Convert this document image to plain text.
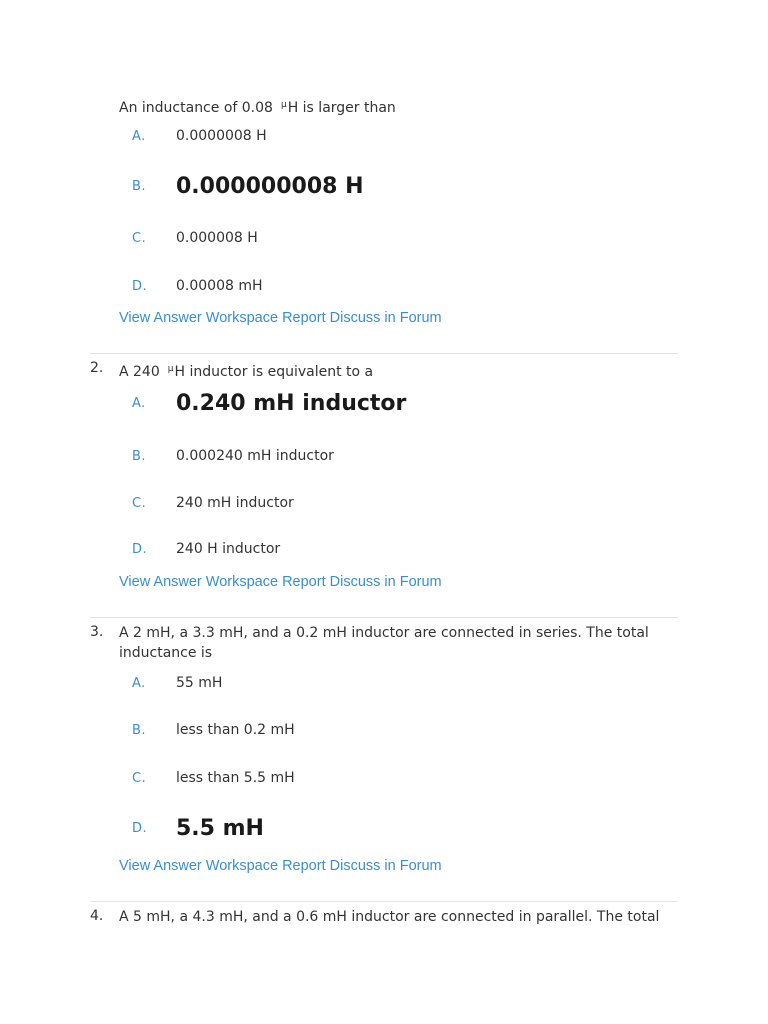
An inductance of 0.08 $^\mu$H is larger than
A.	0.0000008 H
B.	0.000000008 H
C.	0.000008 H
D.	0.00008 mH
View Answer Workspace Report Discuss in Forum
2. A 240 $^\mu$H inductor is equivalent to a
A.	0.240 mH inductor
B.	0.000240 mH inductor
C.	240 mH inductor
D.	240 H inductor
View Answer Workspace Report Discuss in Forum
3. A 2 mH, a 3.3 mH, and a 0.2 mH inductor are connected in series. The total inductance is
A.	55 mH
B.	less than 0.2 mH
C.	less than 5.5 mH
D.	5.5 mH
View Answer Workspace Report Discuss in Forum
4. A 5 mH, a 4.3 mH, and a 0.6 mH inductor are connected in parallel. The total
